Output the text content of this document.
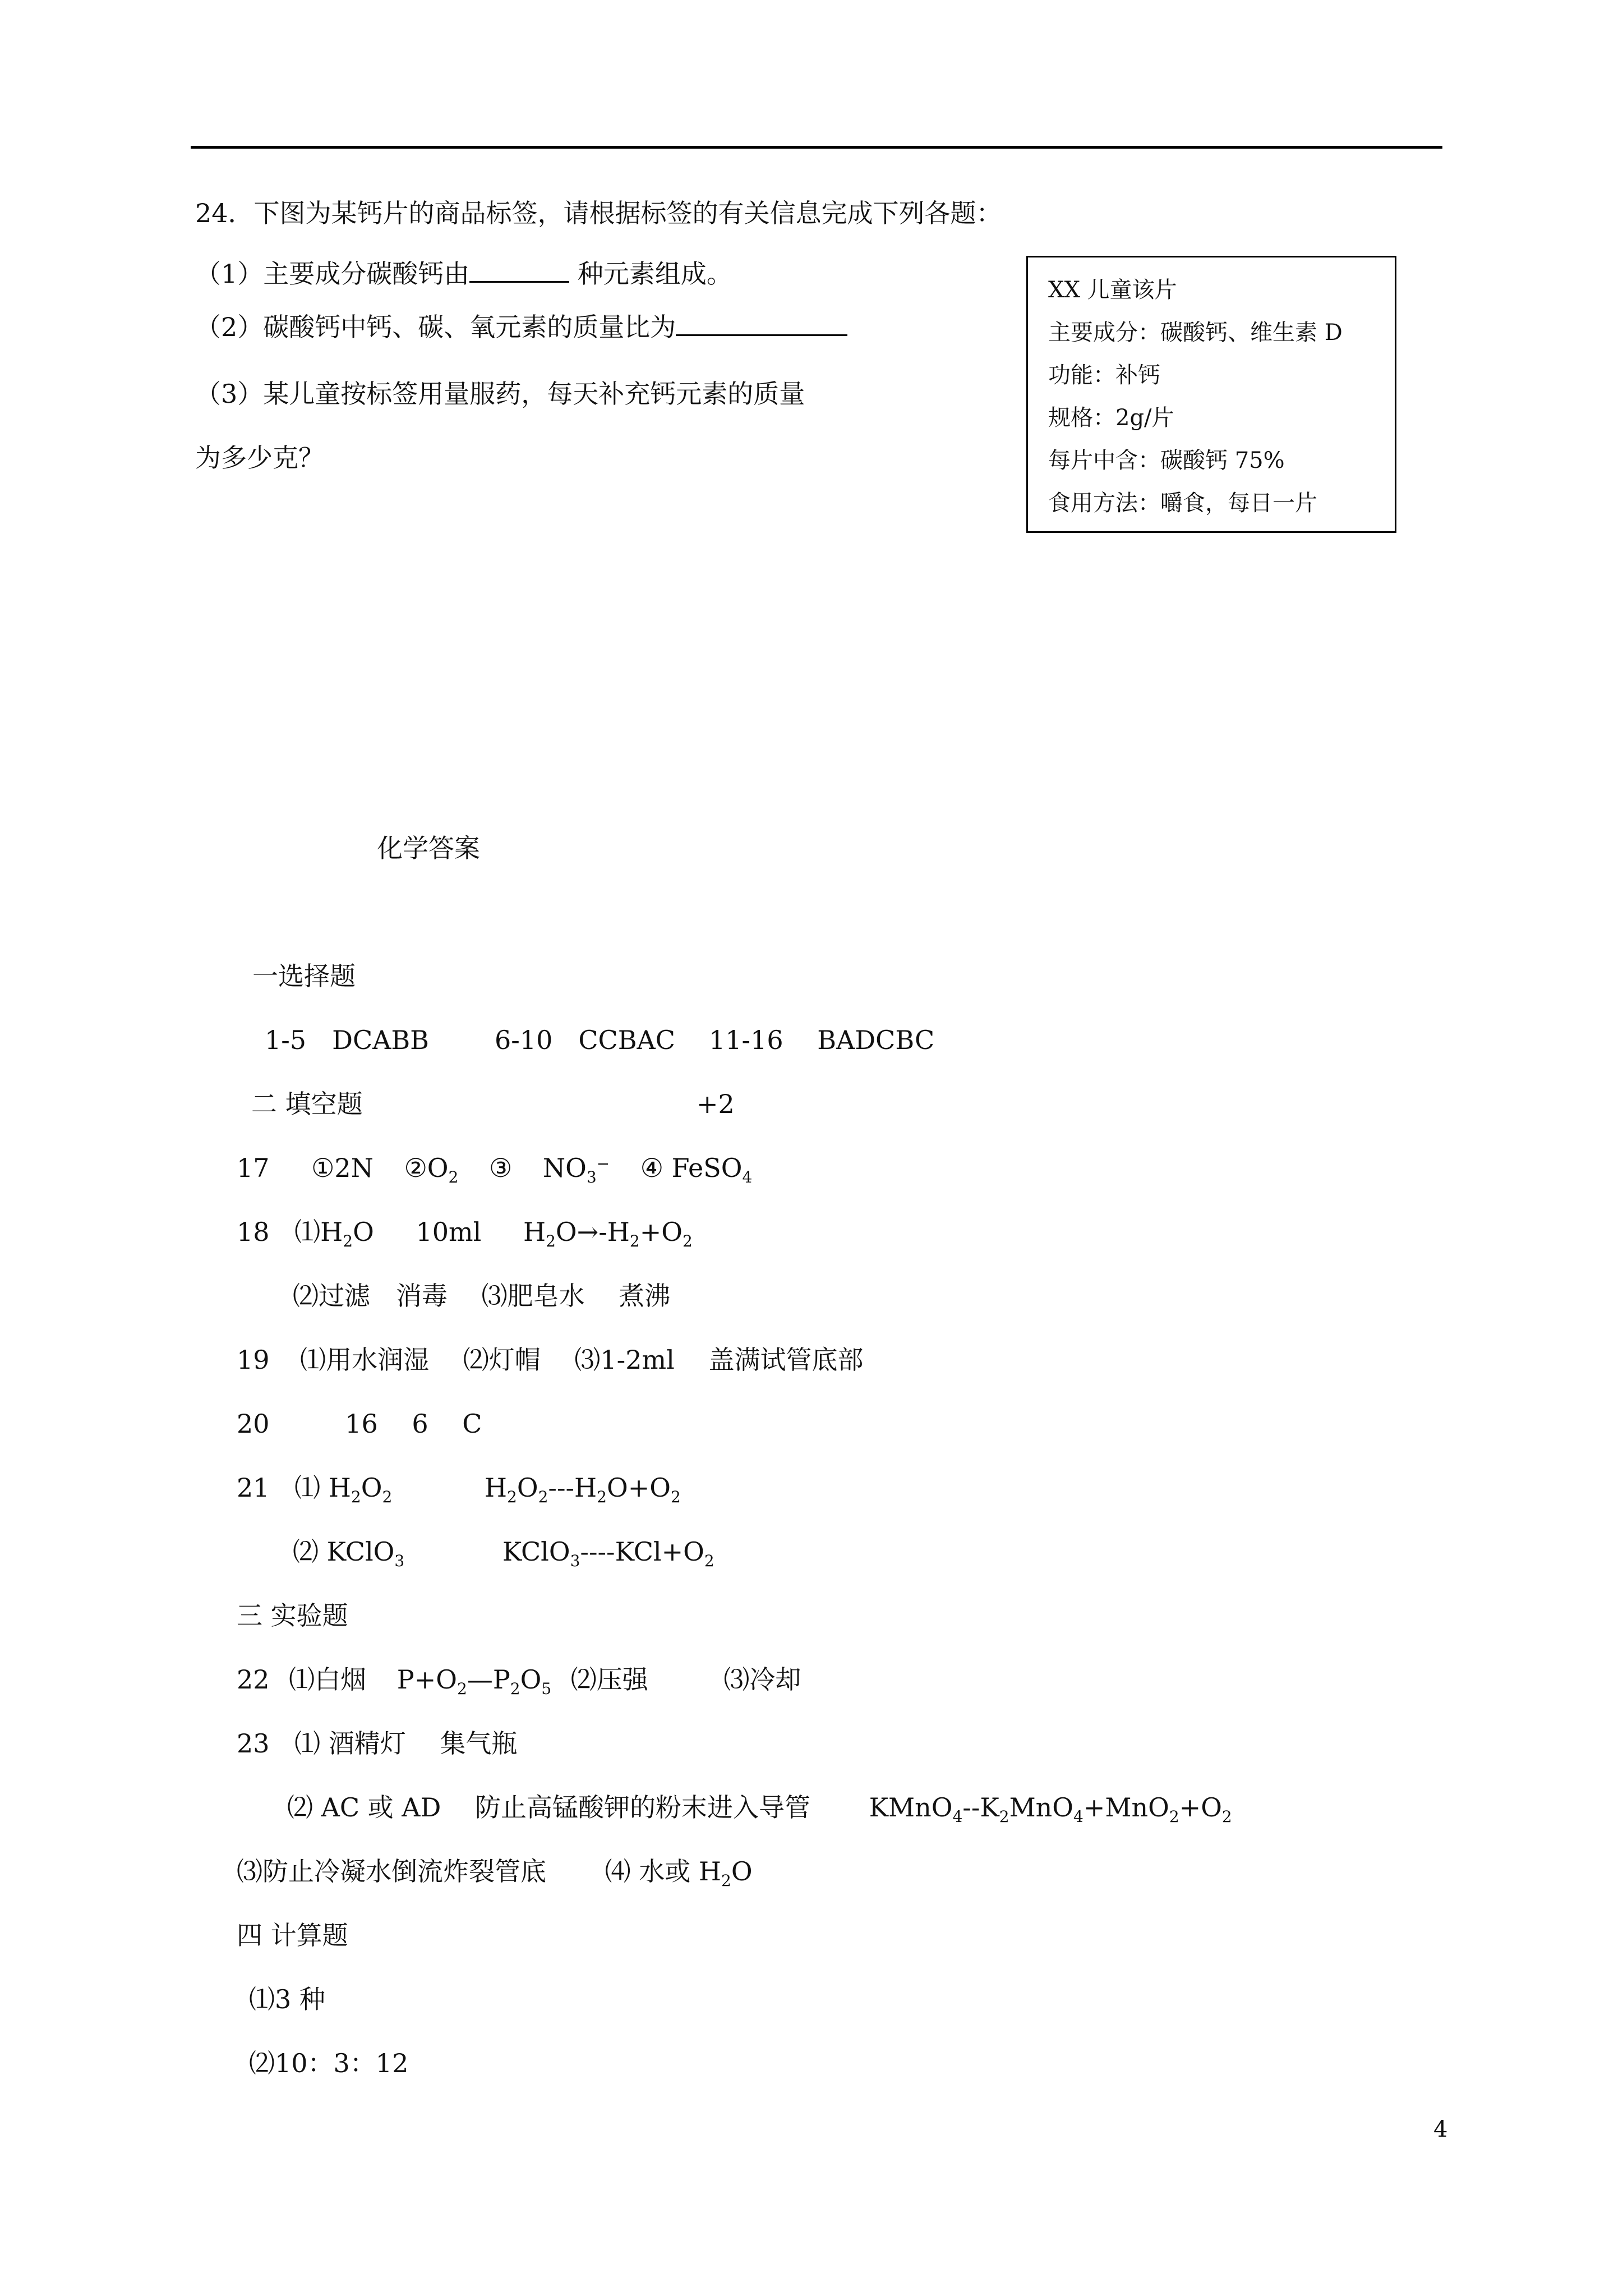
24．下图为某钙片的商品标签，请根据标签的有关信息完成下列各题：
（1）主要成分碳酸钙由	种元素组成。
（2）碳酸钙中钙、碳、氧元素的质量比为
（3）某儿童按标签用量服药，每天补充钙元素的质量
为多少克？
XX 儿童该片
主要成分：碳酸钙、维生素 D
功能：补钙
规格：2g/片
每片中含：碳酸钙 75%
食用方法：嚼食，每日一片
化学答案
一选择题
1-5　DCABB	6-10　CCBAC 11-16　 BADCBC
二 填空题	+2
17 ①2N $②O_2$ ③ $NO_3^-$ ④ FeSO$_4$
18 $⑴H_2O$ 10ml $H_2O\to-H_2+O_2$
⑵过滤　消毒　 ⑶肥皂水　 煮沸
19 ⑴用水润湿　 ⑵灯帽　 ⑶1-2ml　 盖满试管底部
20	16　 6　 C
21 ⑴ $H_2O_2$	$H_2O_2---H_2O+O_2$
⑵ KClO$_3$	$KClO_3----KCl+O_2$
三 实验题
22 ⑴白烟 $P+O_2—P_2O_5$ ⑵压强	⑶冷却
23 ⑴ 酒精灯　 集气瓶
⑵ AC 或 AD　 防止高锰酸钾的粉末进入导管 $KMnO_4--K_2MnO_4+MnO_2+O_2$
⑶防止冷凝水倒流炸裂管底 ⑷ 水或 $H_2O$
四 计算题
⑴3 种
⑵10：3：12
4
